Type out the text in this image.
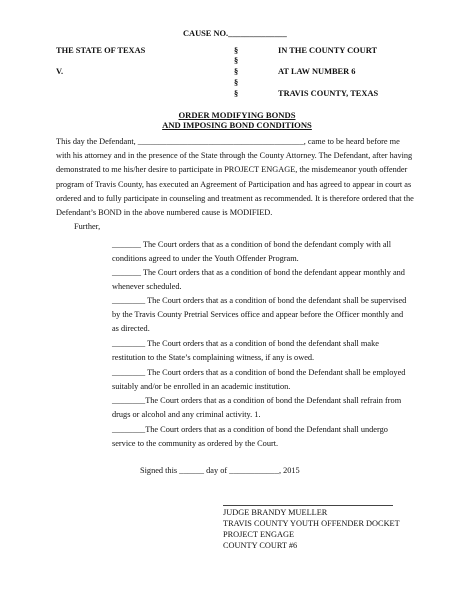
CAUSE NO.______________
THE STATE OF TEXAS
V.
§
§
§
§
§
IN THE COUNTY COURT
AT LAW NUMBER 6
TRAVIS COUNTY, TEXAS
ORDER MODIFYING BONDS
AND IMPOSING BOND CONDITIONS
This day the Defendant, ________________________________________, came to be heard before me
with his attorney and in the presence of the State through the County Attorney. The Defendant, after having
demonstrated to me his/her desire to participate in PROJECT ENGAGE, the misdemeanor youth offender
program of Travis County, has executed an Agreement of Participation and has agreed to appear in court as
ordered and to fully participate in counseling and treatment as recommended. It is therefore ordered that the
Defendant’s BOND in the above numbered cause is MODIFIED.
Further,
_______ The Court orders that as a condition of bond the defendant comply with all
conditions agreed to under the Youth Offender Program.
_______ The Court orders that as a condition of bond the defendant appear monthly and
whenever scheduled.
________ The Court orders that as a condition of bond the defendant shall be supervised
by the Travis County Pretrial Services office and appear before the Officer monthly and
as directed.
________ The Court orders that as a condition of bond the defendant shall make
restitution to the State’s complaining witness, if any is owed.
________ The Court orders that as a condition of bond the Defendant shall be employed
suitably and/or be enrolled in an academic institution.
________The Court orders that as a condition of bond the Defendant shall refrain from
drugs or alcohol and any criminal activity. 1.
________The Court orders that as a condition of bond the Defendant shall undergo
service to the community as ordered by the Court.
Signed this ______ day of ____________, 2015
JUDGE BRANDY MUELLER
TRAVIS COUNTY YOUTH OFFENDER DOCKET
PROJECT ENGAGE
COUNTY COURT #6
